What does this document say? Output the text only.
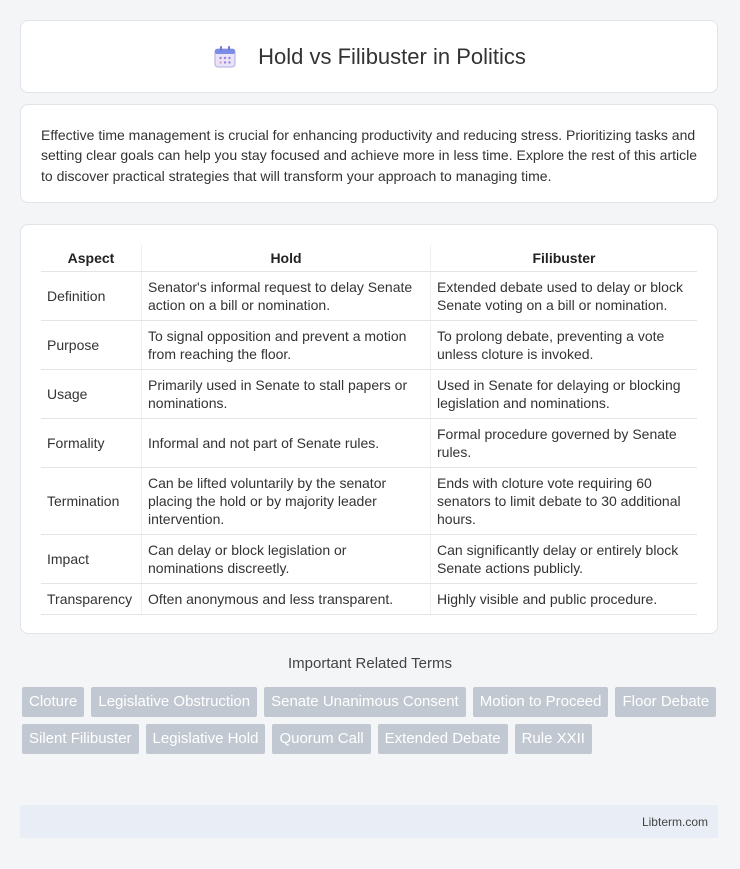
Hold vs Filibuster in Politics

Effective time management is crucial for enhancing productivity and reducing stress. Prioritizing tasks and setting clear goals can help you stay focused and achieve more in less time. Explore the rest of this article to discover practical strategies that will transform your approach to managing time.

Aspect	Hold	Filibuster
Definition	Senator's informal request to delay Senate action on a bill or nomination.	Extended debate used to delay or block Senate voting on a bill or nomination.
Purpose	To signal opposition and prevent a motion from reaching the floor.	To prolong debate, preventing a vote unless cloture is invoked.
Usage	Primarily used in Senate to stall papers or nominations.	Used in Senate for delaying or blocking legislation and nominations.
Formality	Informal and not part of Senate rules.	Formal procedure governed by Senate rules.
Termination	Can be lifted voluntarily by the senator placing the hold or by majority leader intervention.	Ends with cloture vote requiring 60 senators to limit debate to 30 additional hours.
Impact	Can delay or block legislation or nominations discreetly.	Can significantly delay or entirely block Senate actions publicly.
Transparency	Often anonymous and less transparent.	Highly visible and public procedure.
Important Related Terms
Cloture	Legislative Obstruction	Senate Unanimous Consent	Motion to Proceed	Floor Debate
Silent Filibuster	Legislative Hold	Quorum Call	Extended Debate	Rule XXII
Libterm.com
